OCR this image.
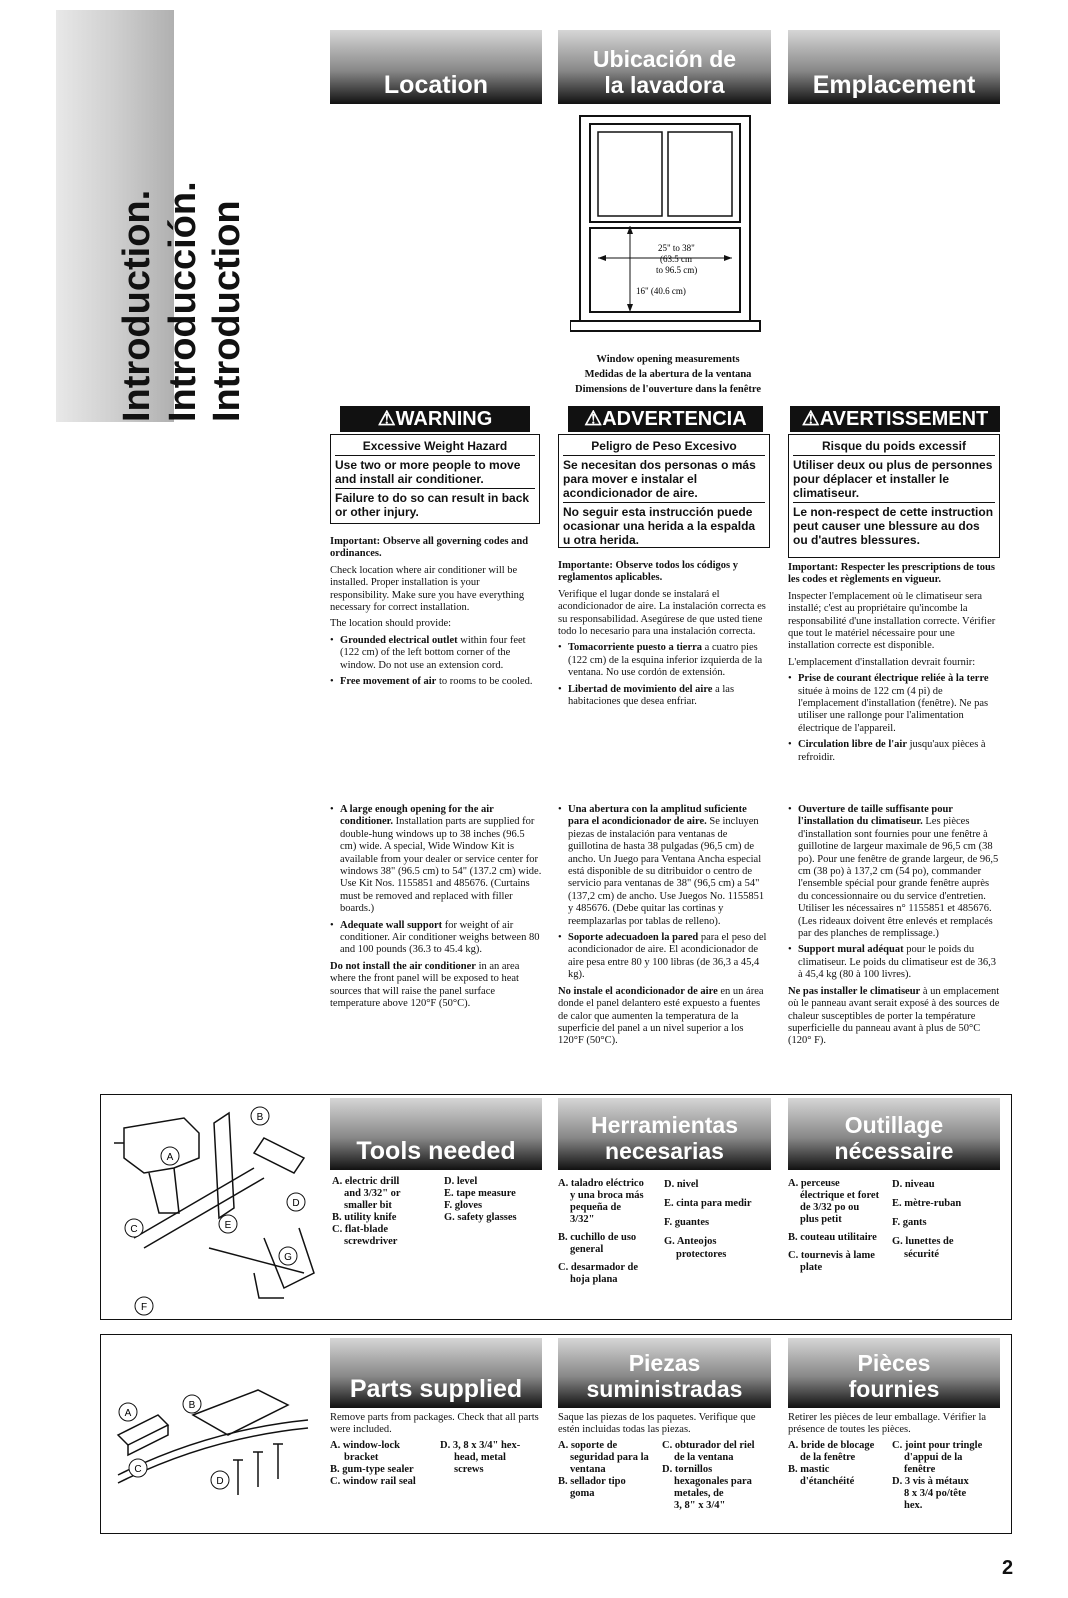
Introduction. Introducción. Introduction
Location
Ubicación de
la lavadora	Emplacement
25" to 38"
(63.5 cm
to 96.5 cm)
16" (40.6 cm)
Window opening measurements
Medidas de la abertura de la ventana
Dimensions de l'ouverture dans la fenêtre
⚠WARNING
Excessive Weight Hazard
Use two or more people to move and install air conditioner.
Failure to do so can result in back or other injury.
⚠ADVERTENCIA
Peligro de Peso Excesivo
Se necesitan dos personas o más para mover e instalar el acondicionador de aire.
No seguir esta instrucción puede ocasionar una herida a la espalda u otra herida.
⚠AVERTISSEMENT
Risque du poids excessif
Utiliser deux ou plus de personnes pour déplacer et installer le climatiseur.
Le non-respect de cette instruction peut causer une blessure au dos ou d'autres blessures.

Important: Observe all governing codes and ordinances.

Check location where air conditioner will be installed. Proper installation is your responsibility. Make sure you have everything necessary for correct installation.

The location should provide:

• Grounded electrical outlet within four feet (122 cm) of the left bottom corner of the window. Do not use an extension cord.
• Free movement of air to rooms to be cooled.

Importante: Observe todos los códigos y reglamentos aplicables.

Verifique el lugar donde se instalará el acondicionador de aire. La instalación correcta es su responsabilidad. Asegúrese de que usted tiene todo lo necesario para una instalación correcta.

• Tomacorriente puesto a tierra a cuatro pies (122 cm) de la esquina inferior izquierda de la ventana. No use cordón de extensión.
• Libertad de movimiento del aire a las habitaciones que desea enfriar.

Important: Respecter les prescriptions de tous les codes et règlements en vigueur.

Inspecter l'emplacement où le climatiseur sera installé; c'est au propriétaire qu'incombe la responsabilité d'une installation correcte. Vérifier que tout le matériel nécessaire pour une installation correcte est disponible.

L'emplacement d'installation devrait fournir:

• Prise de courant électrique reliée à la terre située à moins de 122 cm (4 pi) de l'emplacement d'installation (fenêtre). Ne pas utiliser une rallonge pour l'alimentation électrique de l'appareil.
• Circulation libre de l'air jusqu'aux pièces à refroidir.
• A large enough opening for the air conditioner. Installation parts are supplied for double-hung windows up to 38 inches (96.5 cm) wide. A special, Wide Window Kit is available from your dealer or service center for windows 38" (96.5 cm) to 54" (137.2 cm) wide. Use Kit Nos. 1155851 and 485676. (Curtains must be removed and replaced with filler boards.)
• Adequate wall support for weight of air conditioner. Air conditioner weighs between 80 and 100 pounds (36.3 to 45.4 kg).

Do not install the air conditioner in an area where the front panel will be exposed to heat sources that will raise the panel surface temperature above 120°F (50°C).

• Una abertura con la amplitud suficiente para el acondicionador de aire. Se incluyen piezas de instalación para ventanas de guillotina de hasta 38 pulgadas (96,5 cm) de ancho. Un Juego para Ventana Ancha especial está disponible de su ditribuidor o centro de servicio para ventanas de 38" (96,5 cm) a 54" (137,2 cm) de ancho. Use Juegos No. 1155851 y 485676. (Debe quitar las cortinas y reemplazarlas por tablas de relleno).
• Soporte adecuadoen la pared para el peso del acondicionador de aire. El acondicionador de aire pesa entre 80 y 100 libras (de 36,3 a 45,4 kg).

No instale el acondicionador de aire en un área donde el panel delantero esté expuesto a fuentes de calor que aumenten la temperatura de la superficie del panel a un nivel superior a los 120°F (50°C).

• Ouverture de taille suffisante pour l'installation du climatiseur. Les pièces d'installation sont fournies pour une fenêtre à guillotine de largeur maximale de 96,5 cm (38 po). Pour une fenêtre de grande largeur, de 96,5 cm (38 po) à 137,2 cm (54 po), commander l'ensemble spécial pour grande fenêtre auprès du concessionnaire ou du service d'entretien. Utiliser les nécessaires n° 1155851 et 485676. (Les rideaux doivent être enlevés et remplacés par des planches de remplissage.)
• Support mural adéquat pour le poids du climatiseur. Le poids du climatiseur est de 36,3 à 45,4 kg (80 à 100 livres).

Ne pas installer le climatiseur à un emplacement où le panneau avant serait exposé à des sources de chaleur susceptibles de porter la température superficielle du panneau avant à plus de 50°C (120° F).

B
A
C
D
E
F
G
Tools needed
Herramientas
necesarias
Outillage
nécessaire
A. electric drill
and 3/32" or
smaller bit
B. utility knife
C. flat-blade
screwdriver
D. level
E. tape measure
F. gloves
G. safety glasses
A. taladro eléctrico
y una broca más
pequeña de
3/32"
B. cuchillo de uso
general
C. desarmador de
hoja plana
D. nivel
E. cinta para medir
F. guantes
G. Anteojos
protectores
A. perceuse
électrique et foret
de 3/32 po ou
plus petit
B. couteau utilitaire
C. tournevis à lame
plate
D. niveau
E. mètre-ruban
F. gants
G. lunettes de
sécurité
A
B
C
D
Parts supplied
Piezas
suministradas
Pièces
fournies
Remove parts from packages. Check that all parts were included.
A. window-lock
bracket
B. gum-type sealer
C. window rail seal
D. 3, 8 x 3/4" hex-
head, metal
screws
Saque las piezas de los paquetes. Verifique que estén incluidas todas las piezas.
A. soporte de
seguridad para la
ventana
B. sellador tipo
goma
C. obturador del riel
de la ventana
D. tornillos
hexagonales para
metales, de
3, 8" x 3/4"
Retirer les pièces de leur emballage. Vérifier la présence de toutes les pièces.
A. bride de blocage
de la fenêtre
B. mastic
d'étanchéité
C. joint pour tringle
d'appui de la
fenêtre
D. 3 vis à métaux
8 x 3/4 po/tête
hex.
2
